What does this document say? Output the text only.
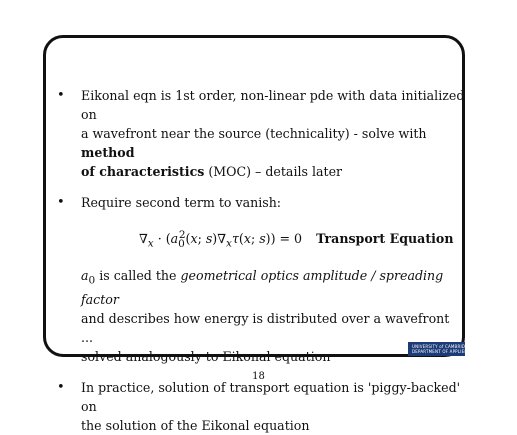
• Eikonal eqn is 1st order, non-linear pde with data initialized on
a wavefront near the source (technicality) - solve with method
of characteristics (MOC) – details later
• Require second term to vanish:
$\nabla_x \cdot (a_0^2(x$; $s)\nabla_x\tau(x$; s)) = 0 Transport Equation
$a_0$ is called the geometrical optics amplitude / spreading factor
and describes how energy is distributed over a wavefront ...
solved analogously to Eikonal equation
• In practice, solution of transport equation is 'piggy-backed' on
the solution of the Eikonal equation
UNIVERSITY of CAMBRIDGE
DEPARTMENT OF APPLIED MATHEMATICS
18
